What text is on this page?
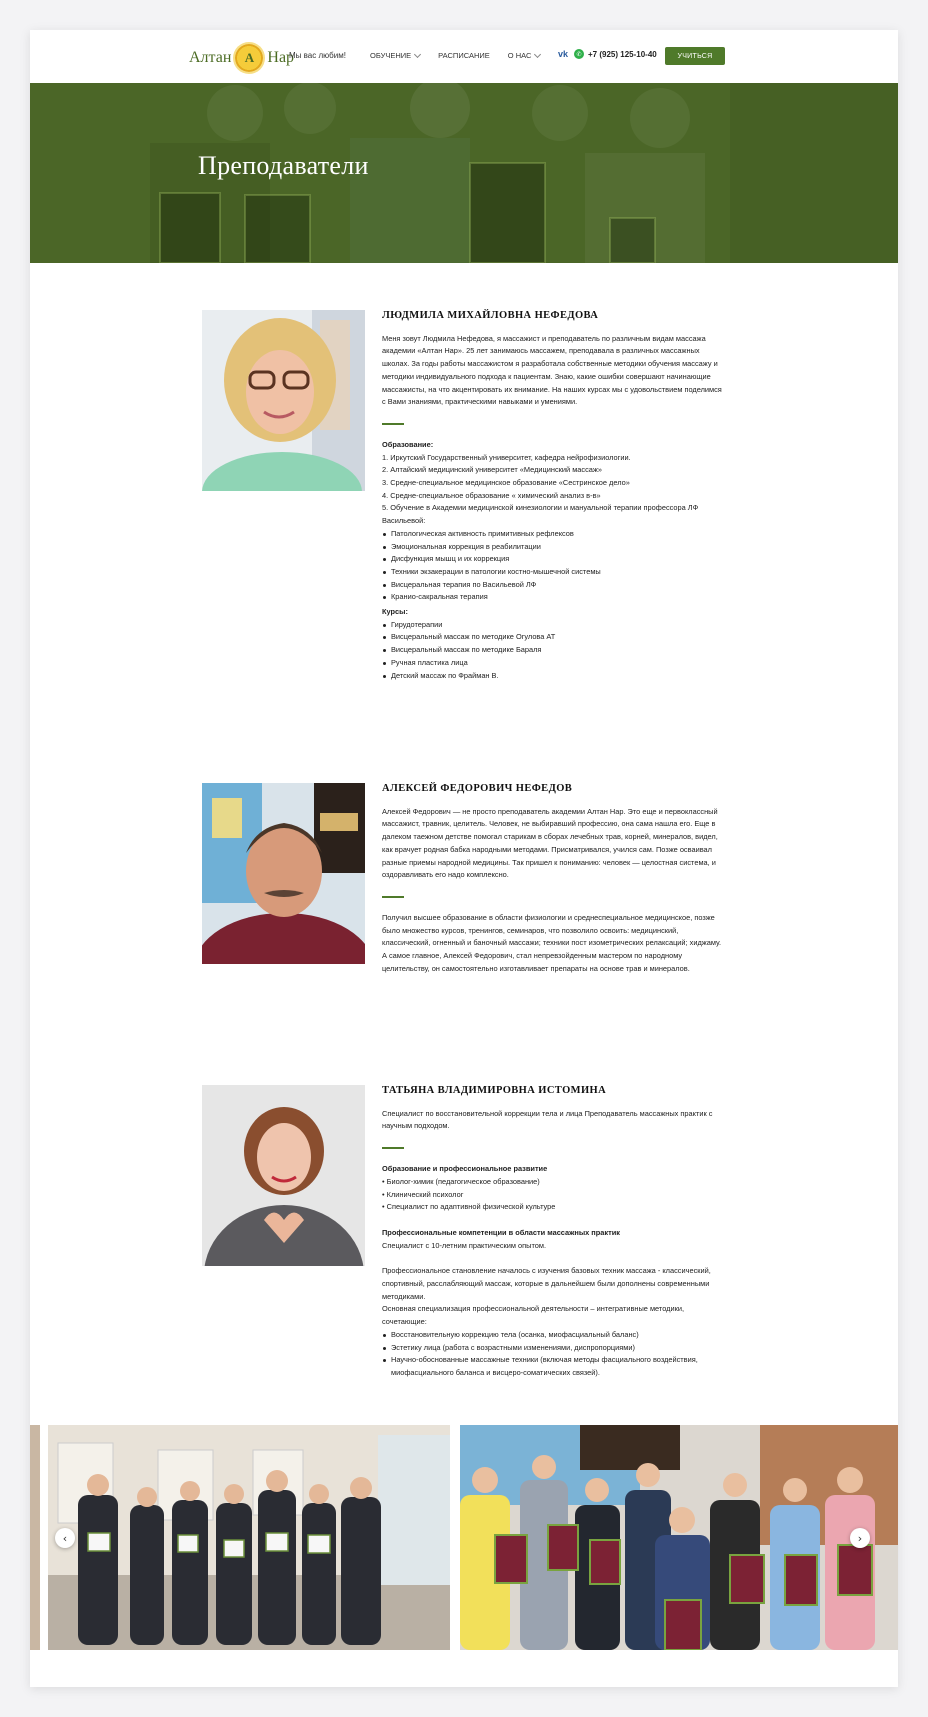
Алтан	А Нар
Мы вас любим!	ОБУЧЕНИЕ	РАСПИСАНИЕ О НАС	vk	✆ +7 (925) 125-10-40	УЧИТЬСЯ
Преподаватели
ЛЮДМИЛА МИХАЙЛОВНА НЕФЕДОВА

Меня зовут Людмила Нефедова, я массажист и преподаватель по различным видам массажа академии «Алтан Нар». 25 лет занимаюсь массажем, преподавала в различных массажных школах. За годы работы массажистом я разработала собственные методики обучения массажу и методики индивидуального подхода к пациентам. Знаю, какие ошибки совершают начинающие массажисты, на что акцентировать их внимание. На наших курсах мы с удовольствием поделимся с Вами знаниями, практическими навыками и умениями.

Образование:
1. Иркутский Государственный университет, кафедра нейрофизиологии.
2. Алтайский медицинский университет «Медицинский массаж»
3. Средне-специальное медицинское образование «Сестринское дело»
4. Средне-специальное образование « химический анализ в-в»
5. Обучение в Академии медицинской кинезиологии и мануальной терапии профессора ЛФ Васильевой:
Патологическая активность примитивных рефлексов
Эмоциональная коррекция в реабилитации
Дисфункция мышц и их коррекция
Техники экзакерации в патологии костно-мышечной системы
Висцеральная терапия по Васильевой ЛФ
Кранио-сакральная терапия
Курсы:
Гирудотерапии
Висцеральный массаж по методике Огулова АТ
Висцеральный массаж по методике Бараля
Ручная пластика лица
Детский массаж по Фрайман В.
АЛЕКСЕЙ ФЕДОРОВИЧ НЕФЕДОВ

Алексей Федорович — не просто преподаватель академии Алтан Нар. Это еще и первоклассный массажист, травник, целитель. Человек, не выбиравший профессию, она сама нашла его. Еще в далеком таежном детстве помогал старикам в сборах лечебных трав, корней, минералов, видел, как врачует родная бабка народными методами. Присматривался, учился сам. Позже осваивал разные приемы народной медицины. Так пришел к пониманию: человек — целостная система, и оздоравливать его надо комплексно.

Получил высшее образование в области физиологии и среднеспециальное медицинское, позже было множество курсов, тренингов, семинаров, что позволило освоить: медицинский, классический, огненный и баночный массажи; техники пост изометрических релаксаций; хиджаму. А самое главное, Алексей Федорович, стал непревзойденным мастером по народному целительству, он самостоятельно изготавливает препараты на основе трав и минералов.

ТАТЬЯНА ВЛАДИМИРОВНА ИСТОМИНА

Специалист по восстановительной коррекции тела и лица Преподаватель массажных практик с научным подходом.

Образование и профессиональное развитие
• Биолог-химик (педагогическое образование)
• Клинический психолог
• Специалист по адаптивной физической культуре
Профессиональные компетенции в области массажных практик
Специалист с 10-летним практическим опытом.

Профессиональное становление началось с изучения базовых техник массажа - классический, спортивный, расслабляющий массаж, которые в дальнейшем были дополнены современными методиками.

Основная специализация профессиональной деятельности – интегративные методики, сочетающие:

Восстановительную коррекцию тела (осанка, миофасциальный баланс)
Эстетику лица (работа с возрастными изменениями, диспропорциями)
Научно-обоснованные массажные техники (включая методы фасциального воздействия, миофасциального баланса и висцеро-соматических связей).
‹	›
